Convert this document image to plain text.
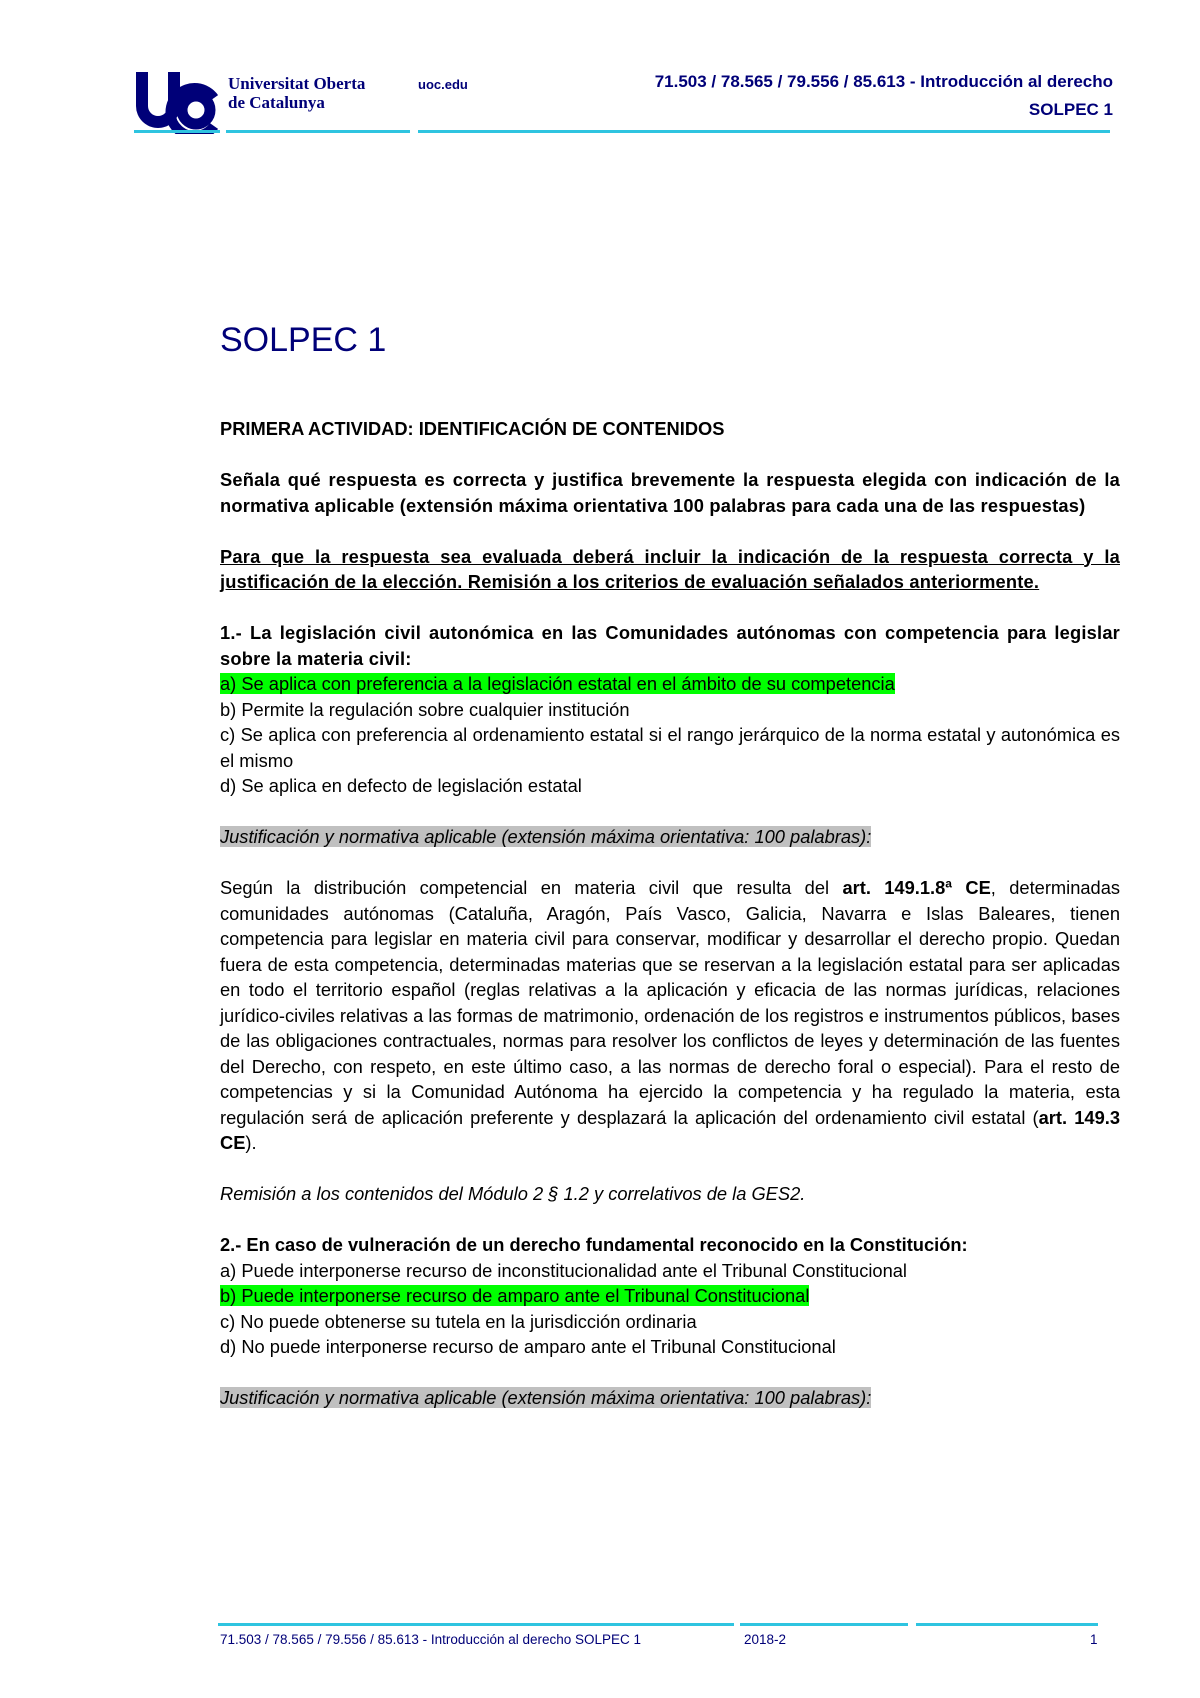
Universitat Oberta
de Catalunya
uoc.edu	71.503 / 78.565 / 79.556 / 85.613 - Introducción al derecho
SOLPEC 1
SOLPEC 1

PRIMERA ACTIVIDAD: IDENTIFICACIÓN DE CONTENIDOS

Señala qué respuesta es correcta y justifica brevemente la respuesta elegida con indicación de la normativa aplicable (extensión máxima orientativa 100 palabras para cada una de las respuestas)

Para que la respuesta sea evaluada deberá incluir la indicación de la respuesta correcta y la justificación de la elección. Remisión a los criterios de evaluación señalados anteriormente.

1.- La legislación civil autonómica en las Comunidades autónomas con competencia para legislar sobre la materia civil:

a) Se aplica con preferencia a la legislación estatal en el ámbito de su competencia

b) Permite la regulación sobre cualquier institución

c) Se aplica con preferencia al ordenamiento estatal si el rango jerárquico de la norma estatal y autonómica es el mismo

d) Se aplica en defecto de legislación estatal

Justificación y normativa aplicable (extensión máxima orientativa: 100 palabras):

Según la distribución competencial en materia civil que resulta del art. 149.1.8ª CE, determinadas comunidades autónomas (Cataluña, Aragón, País Vasco, Galicia, Navarra e Islas Baleares, tienen competencia para legislar en materia civil para conservar, modificar y desarrollar el derecho propio. Quedan fuera de esta competencia, determinadas materias que se reservan a la legislación estatal para ser aplicadas en todo el territorio español (reglas relativas a la aplicación y eficacia de las normas jurídicas, relaciones jurídico-civiles relativas a las formas de matrimonio, ordenación de los registros e instrumentos públicos, bases de las obligaciones contractuales, normas para resolver los conflictos de leyes y determinación de las fuentes del Derecho, con respeto, en este último caso, a las normas de derecho foral o especial). Para el resto de competencias y si la Comunidad Autónoma ha ejercido la competencia y ha regulado la materia, esta regulación será de aplicación preferente y desplazará la aplicación del ordenamiento civil estatal (art. 149.3 CE).

Remisión a los contenidos del Módulo 2 § 1.2 y correlativos de la GES2.

2.- En caso de vulneración de un derecho fundamental reconocido en la Constitución:

a) Puede interponerse recurso de inconstitucionalidad ante el Tribunal Constitucional

b) Puede interponerse recurso de amparo ante el Tribunal Constitucional

c) No puede obtenerse su tutela en la jurisdicción ordinaria

d) No puede interponerse recurso de amparo ante el Tribunal Constitucional

Justificación y normativa aplicable (extensión máxima orientativa: 100 palabras):

71.503 / 78.565 / 79.556 / 85.613 - Introducción al derecho SOLPEC 1	2018-2	1
